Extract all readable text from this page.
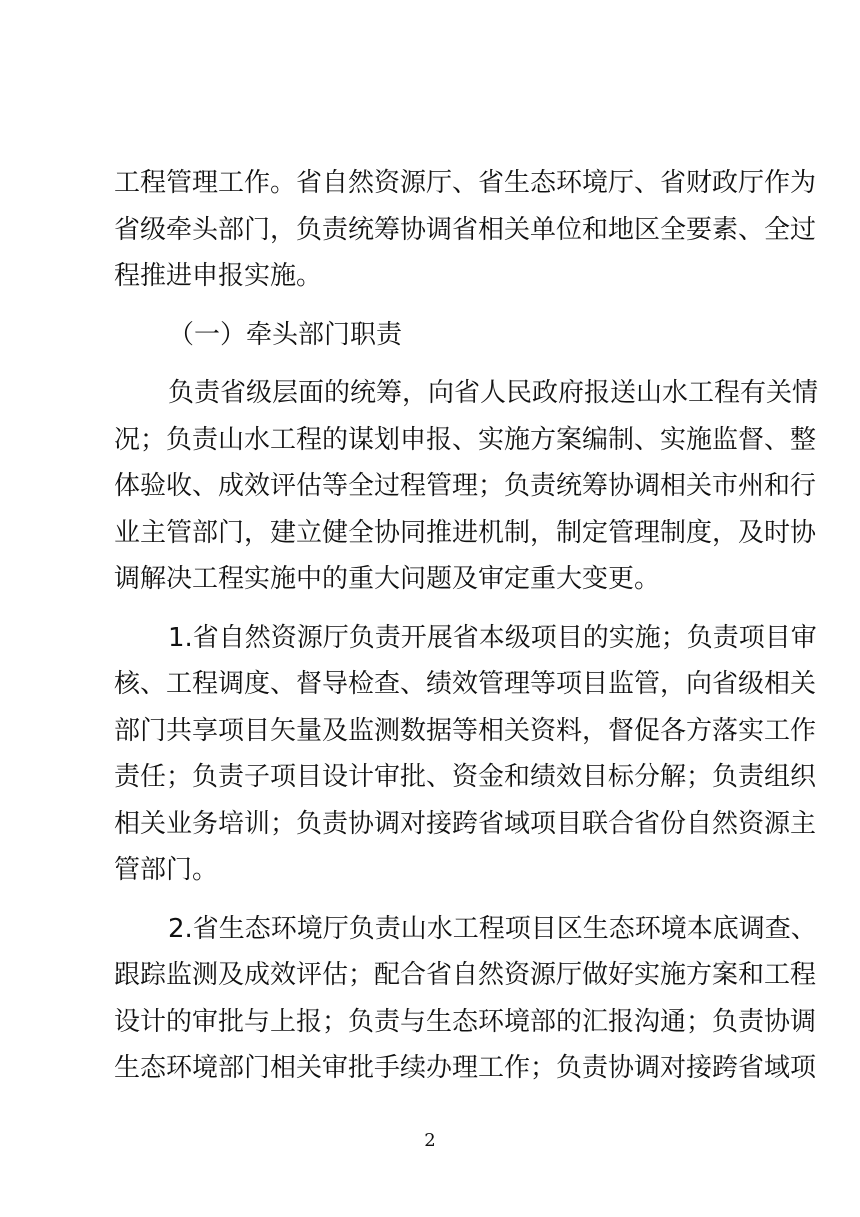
工程管理工作。省自然资源厅、省生态环境厅、省财政厅作为
省级牵头部门，负责统筹协调省相关单位和地区全要素、全过
程推进申报实施。
（一）牵头部门职责
负责省级层面的统筹，向省人民政府报送山水工程有关情
况；负责山水工程的谋划申报、实施方案编制、实施监督、整
体验收、成效评估等全过程管理；负责统筹协调相关市州和行
业主管部门，建立健全协同推进机制，制定管理制度，及时协
调解决工程实施中的重大问题及审定重大变更。
1.省自然资源厅负责开展省本级项目的实施；负责项目审
核、工程调度、督导检查、绩效管理等项目监管，向省级相关
部门共享项目矢量及监测数据等相关资料，督促各方落实工作
责任；负责子项目设计审批、资金和绩效目标分解；负责组织
相关业务培训；负责协调对接跨省域项目联合省份自然资源主
管部门。
2.省生态环境厅负责山水工程项目区生态环境本底调查、
跟踪监测及成效评估；配合省自然资源厅做好实施方案和工程
设计的审批与上报；负责与生态环境部的汇报沟通；负责协调
生态环境部门相关审批手续办理工作；负责协调对接跨省域项
2
